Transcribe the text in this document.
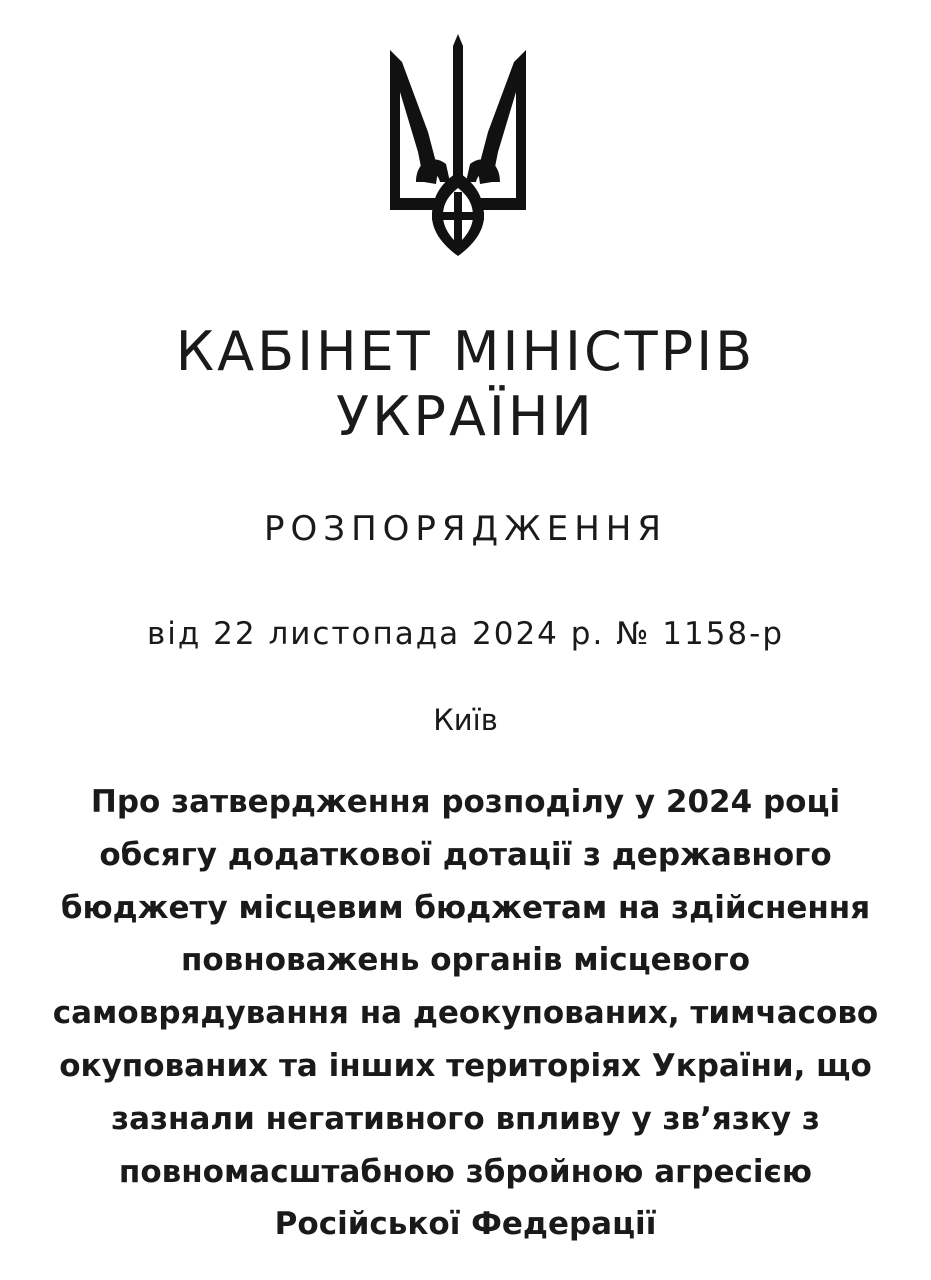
КАБІНЕТ МІНІСТРІВ
УКРАЇНИ
РОЗПОРЯДЖЕННЯ
від 22 листопада 2024 р. № 1158-р
Київ
Про затвердження розподілу у 2024 році
обсягу додаткової дотації з державного
бюджету місцевим бюджетам на здійснення
повноважень органів місцевого
самоврядування на деокупованих, тимчасово
окупованих та інших територіях України, що
зазнали негативного впливу у зв’язку з
повномасштабною збройною агресією
Російської Федерації
